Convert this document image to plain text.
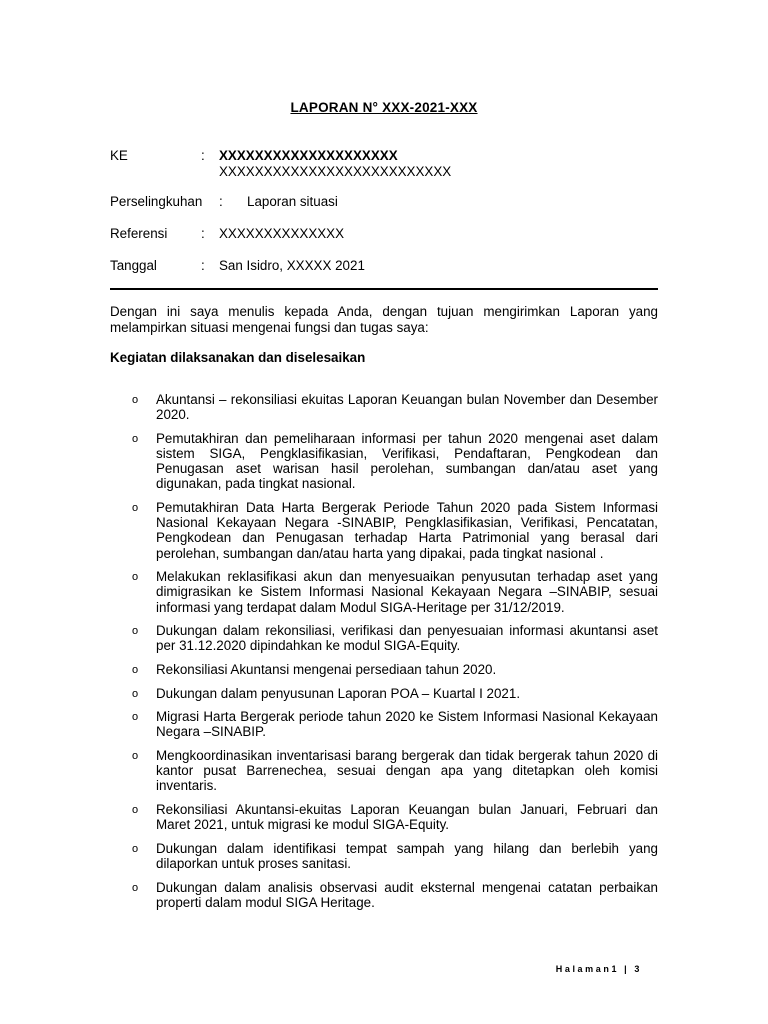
LAPORAN N° XXX-2021-XXX
KE	: XXXXXXXXXXXXXXXXXXXX
XXXXXXXXXXXXXXXXXXXXXXXXXX
Perselingkuhan : Laporan situasi
Referensi	: XXXXXXXXXXXXXX
Tanggal	: San Isidro, XXXXX 2021

Dengan ini saya menulis kepada Anda, dengan tujuan mengirimkan Laporan yang melampirkan situasi mengenai fungsi dan tugas saya:

Kegiatan dilaksanakan dan diselesaikan

o Akuntansi – rekonsiliasi ekuitas Laporan Keuangan bulan November dan Desember 2020.
o Pemutakhiran dan pemeliharaan informasi per tahun 2020 mengenai aset dalam sistem SIGA, Pengklasifikasian, Verifikasi, Pendaftaran, Pengkodean dan Penugasan aset warisan hasil perolehan, sumbangan dan/atau aset yang digunakan, pada tingkat nasional.
o Pemutakhiran Data Harta Bergerak Periode Tahun 2020 pada Sistem Informasi Nasional Kekayaan Negara -SINABIP, Pengklasifikasian, Verifikasi, Pencatatan, Pengkodean dan Penugasan terhadap Harta Patrimonial yang berasal dari perolehan, sumbangan dan/atau harta yang dipakai, pada tingkat nasional .
o Melakukan reklasifikasi akun dan menyesuaikan penyusutan terhadap aset yang dimigrasikan ke Sistem Informasi Nasional Kekayaan Negara –SINABIP, sesuai informasi yang terdapat dalam Modul SIGA-Heritage per 31/12/2019.
o Dukungan dalam rekonsiliasi, verifikasi dan penyesuaian informasi akuntansi aset per 31.12.2020 dipindahkan ke modul SIGA-Equity.
o Rekonsiliasi Akuntansi mengenai persediaan tahun 2020.
o Dukungan dalam penyusunan Laporan POA – Kuartal I 2021.
o Migrasi Harta Bergerak periode tahun 2020 ke Sistem Informasi Nasional Kekayaan Negara –SINABIP.
o Mengkoordinasikan inventarisasi barang bergerak dan tidak bergerak tahun 2020 di kantor pusat Barrenechea, sesuai dengan apa yang ditetapkan oleh komisi inventaris.
o Rekonsiliasi Akuntansi-ekuitas Laporan Keuangan bulan Januari, Februari dan Maret 2021, untuk migrasi ke modul SIGA-Equity.
o Dukungan dalam identifikasi tempat sampah yang hilang dan berlebih yang dilaporkan untuk proses sanitasi.
o Dukungan dalam analisis observasi audit eksternal mengenai catatan perbaikan properti dalam modul SIGA Heritage.
Halaman1 | 3
